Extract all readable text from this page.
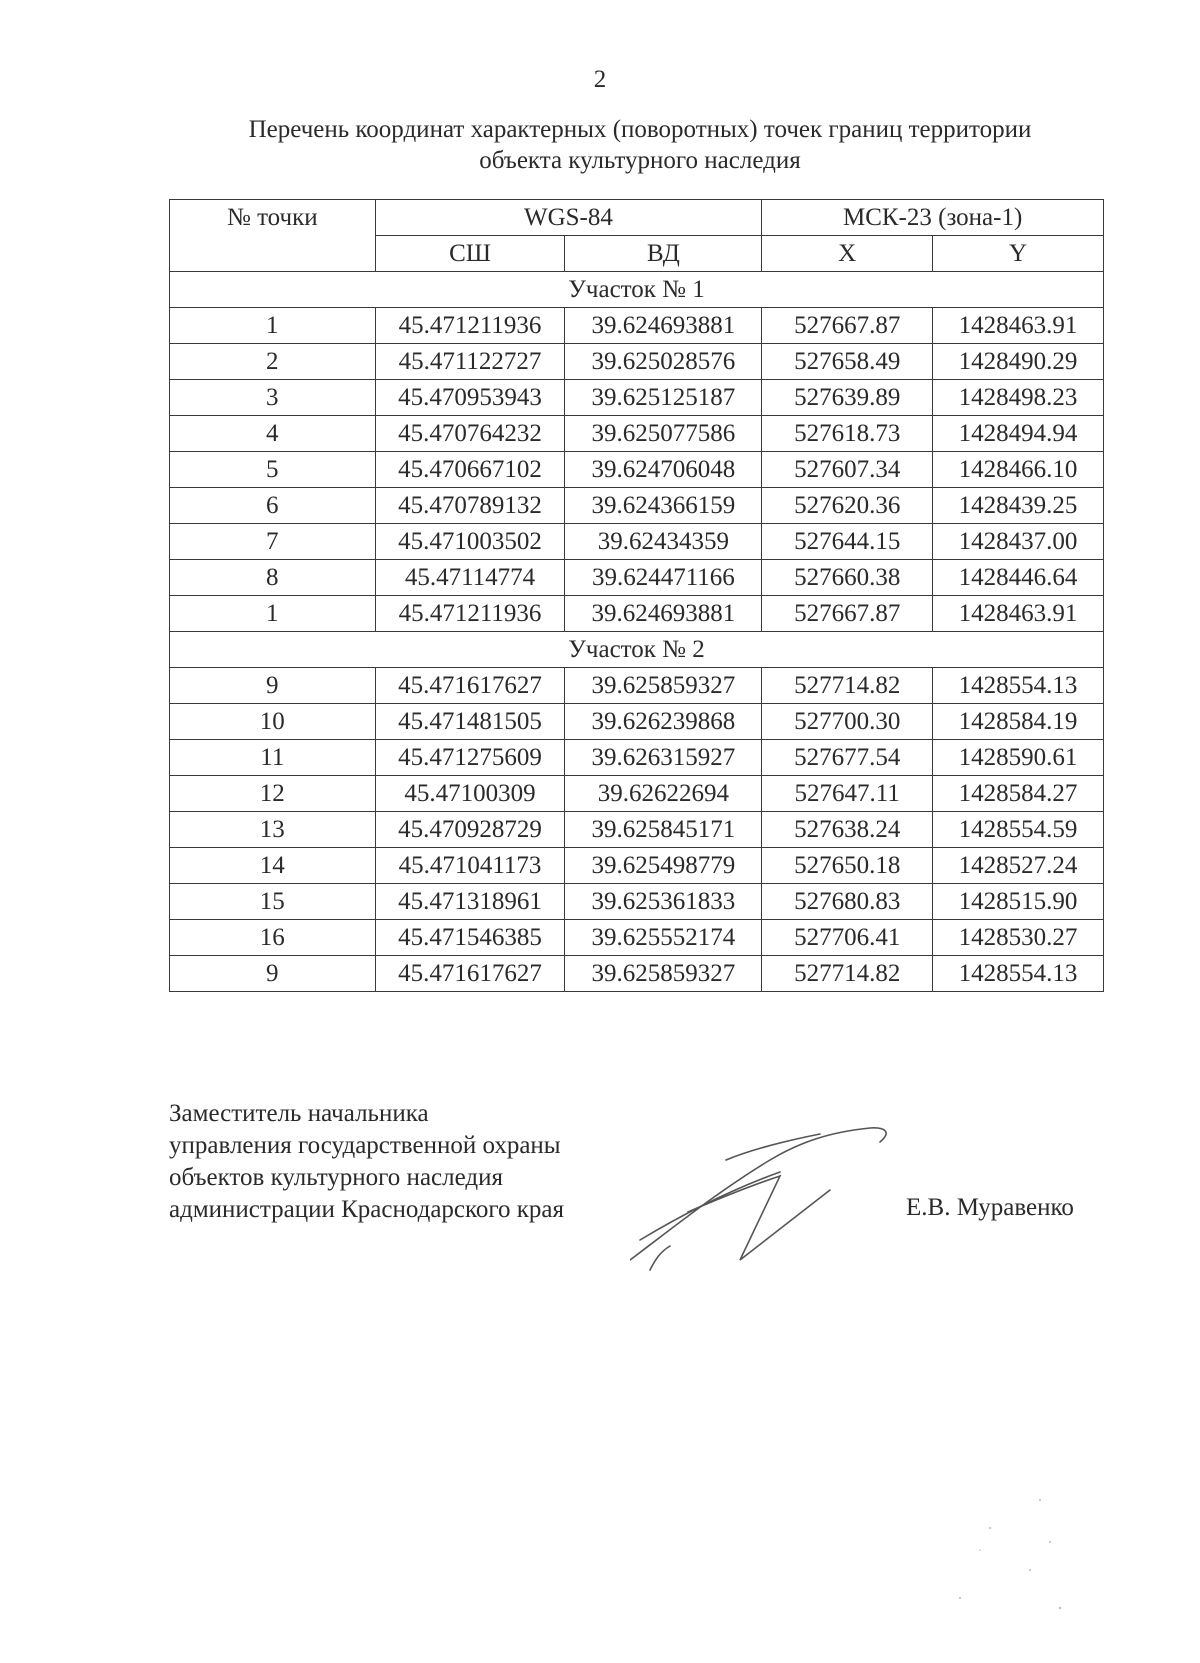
2
Перечень координат характерных (поворотных) точек границ территории
объекта культурного наследия
№ точки	WGS-84		МСК-23 (зона-1)	
	СШ	ВД	X	Y
Участок № 1				
1	45.471211936	39.624693881	527667.87	1428463.91
2	45.471122727	39.625028576	527658.49	1428490.29
3	45.470953943	39.625125187	527639.89	1428498.23
4	45.470764232	39.625077586	527618.73	1428494.94
5	45.470667102	39.624706048	527607.34	1428466.10
6	45.470789132	39.624366159	527620.36	1428439.25
7	45.471003502	39.62434359	527644.15	1428437.00
8	45.47114774	39.624471166	527660.38	1428446.64
1	45.471211936	39.624693881	527667.87	1428463.91
Участок № 2				
9	45.471617627	39.625859327	527714.82	1428554.13
10	45.471481505	39.626239868	527700.30	1428584.19
11	45.471275609	39.626315927	527677.54	1428590.61
12	45.47100309	39.62622694	527647.11	1428584.27
13	45.470928729	39.625845171	527638.24	1428554.59
14	45.471041173	39.625498779	527650.18	1428527.24
15	45.471318961	39.625361833	527680.83	1428515.90
16	45.471546385	39.625552174	527706.41	1428530.27
9	45.471617627	39.625859327	527714.82	1428554.13
Заместитель начальника
управления государственной охраны
объектов культурного наследия
администрации Краснодарского края	Е.В. Муравенко
